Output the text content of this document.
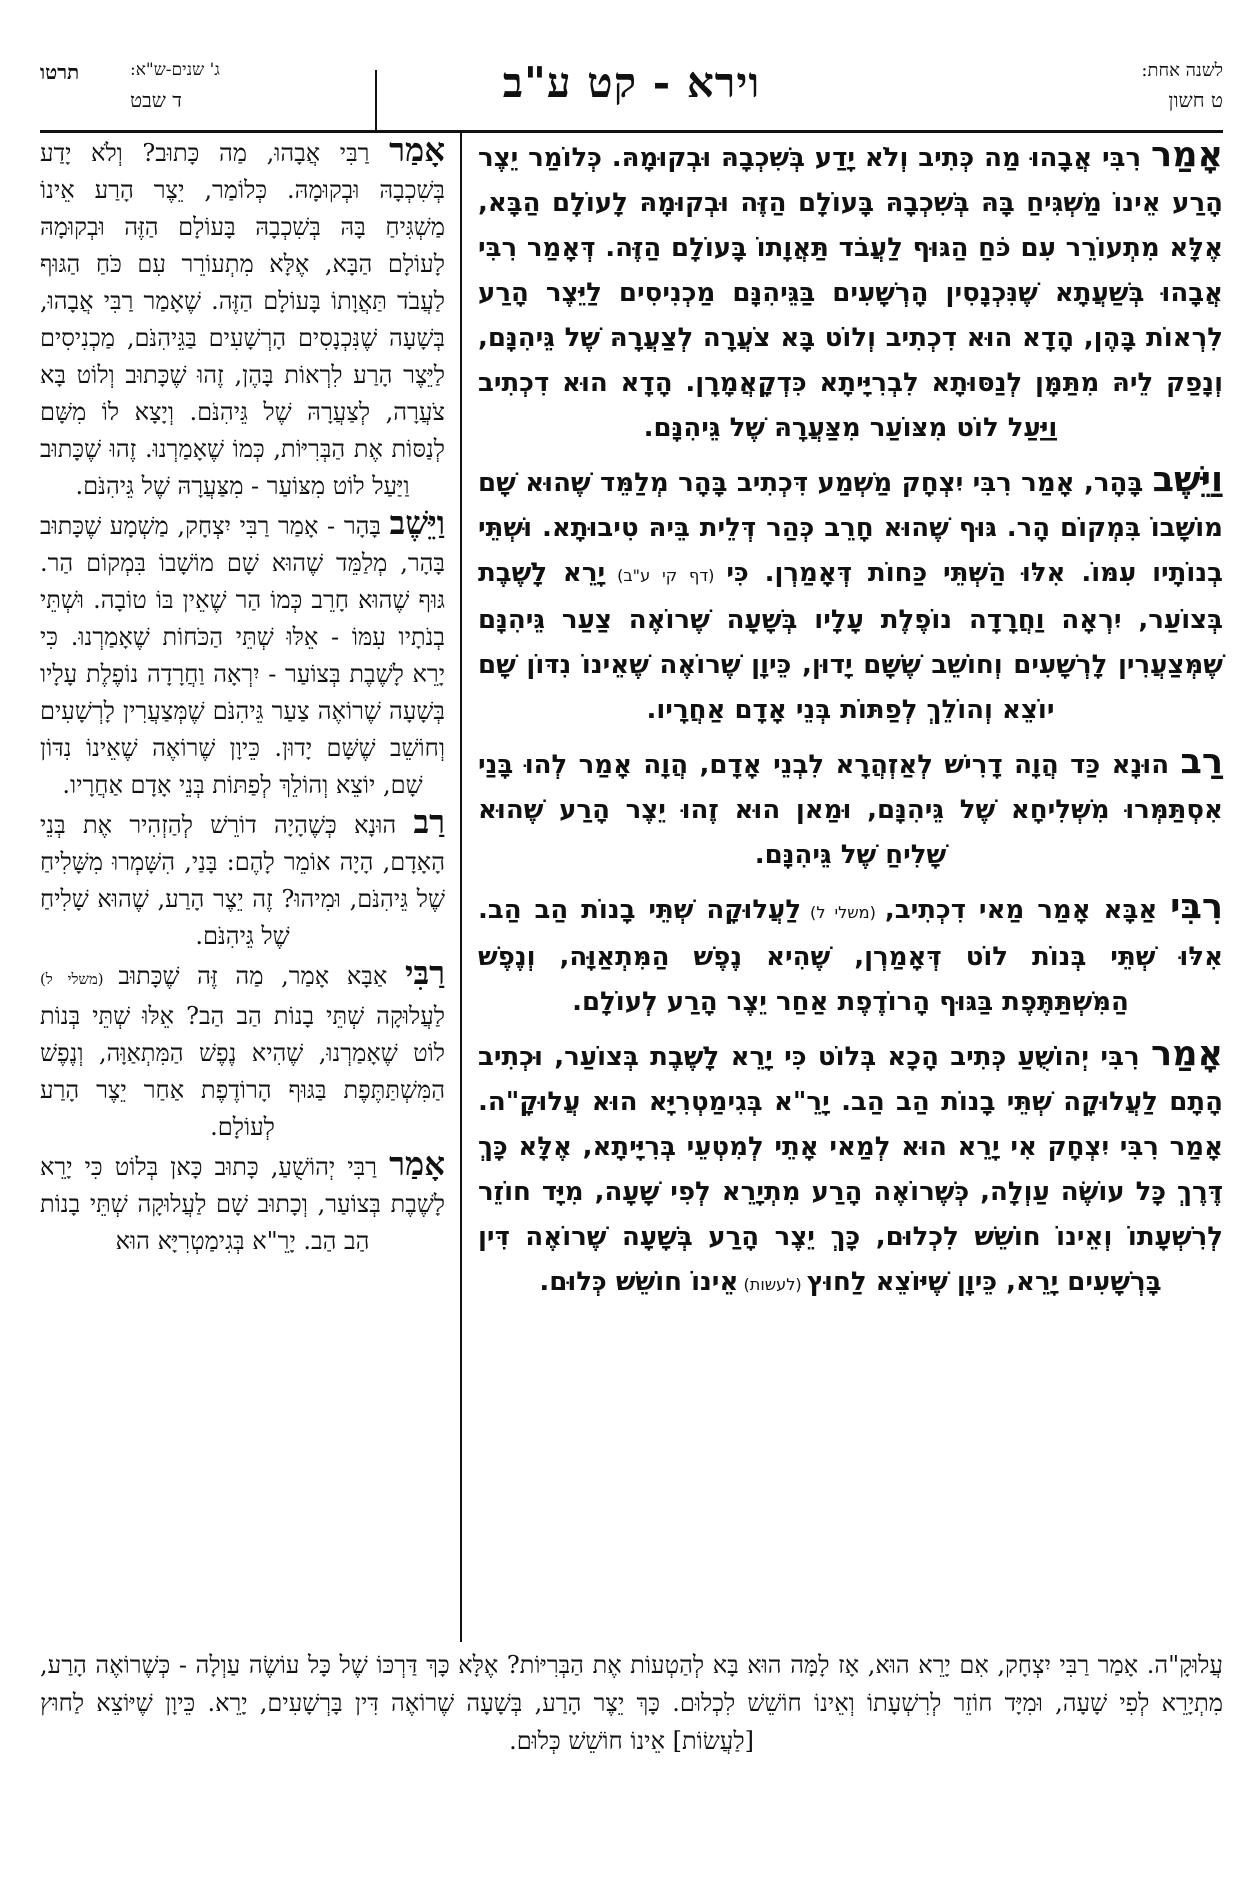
לשנה אחת:
ט חשון
וירא - קט ע"ב
ג' שנים-ש"א:
ד שבט
תרטו

אָמַר רִבִּי אֲבָהוּ מַה כְּתִיב וְלֹא יָדַע בְּשִׁכְבָהּ וּבְקוּמָהּ. כְּלוֹמַר יֵצֶר הָרַע אֵינוֹ מַשְׁגִּיחַ בָּהּ בְּשִׁכְבָהּ בָּעוֹלָם הַזֶּה וּבְקוּמָהּ לָעוֹלָם הַבָּא, אֶלָּא מִתְעוֹרֵר עִם כֹּחַ הַגּוּף לַעֲבֹד תַּאֲוָתוֹ בָּעוֹלָם הַזֶּה. דְּאָמַר רִבִּי אֲבָהוּ בְּשַׁעֲתָא שֶׁנִּכְנָסִין הָרְשָׁעִים בַּגֵּיהִנָּם מַכְנִיסִים לַיֵּצֶר הָרַע לִרְאוֹת בָּהֶן, הָדָא הוּא דִכְתִיב וְלוֹט בָּא צֹעֲרָה לְצַעֲרָהּ שֶׁל גֵּיהִנָּם, וְנָפַק לֵיהּ מִתַּמָּן לְנַסּוּתָא לִבְרִיָּיתָא כִּדְקָאֲמָרָן. הָדָא הוּא דִכְתִיב וַיַּעַל לוֹט מִצּוֹעַר מִצַּעֲרָהּ שֶׁל גֵּיהִנָּם.

וַיֵּשֶׁב בָּהָר, אָמַר רִבִּי יִצְחָק מַשְׁמַע דִּכְתִיב בָּהָר מְלַמֵּד שֶׁהוּא שָׁם מוֹשָׁבוֹ בִּמְקוֹם הָר. גּוּף שֶׁהוּא חָרֵב כְּהַר דְּלֵית בֵּיהּ טִיבוּתָא. וּשְׁתֵּי בְנוֹתָיו עִמּוֹ. אִלּוּ הַשְּׁתֵּי כַּחוֹת דְּאָמַרְן. כִּי (דף קי ע"ב) יָרֵא לָשֶׁבֶת בְּצוֹעַר, יִרְאָה וַחֲרָדָה נוֹפֶלֶת עָלָיו בְּשָׁעָה שֶׁרוֹאֶה צַעַר גֵּיהִנָּם שֶׁמְּצַעֲרִין לָרְשָׁעִים וְחוֹשֵׁב שֶׁשָּׁם יָדוּן, כֵּיוָן שֶׁרוֹאֶה שֶׁאֵינוֹ נִדּוֹן שָׁם יוֹצֵא וְהוֹלֵךְ לְפַתּוֹת בְּנֵי אָדָם אַחֲרָיו.

רַב הוּנָא כַּד הֲוָה דָרִישׁ לְאַזְהֲרָא לִבְנֵי אָדָם, הֲוָה אָמַר לְהוּ בָּנַי אִסְתַּמְּרוּ מִשְּׁלִיחָא שֶׁל גֵּיהִנָּם, וּמַאן הוּא זֶהוּ יֵצֶר הָרַע שֶׁהוּא שָׁלִיחַ שֶׁל גֵּיהִנָּם.

רִבִּי אַבָּא אָמַר מַאי דִכְתִיב, (משלי ל) לַעֲלוּקָה שְׁתֵּי בָנוֹת הַב הַב. אִלּוּ שְׁתֵּי בְּנוֹת לוֹט דְּאָמַרְן, שֶׁהִיא נֶפֶשׁ הַמִּתְאַוָּה, וְנֶפֶשׁ הַמִּשְׁתַּתֶּפֶת בַּגּוּף הָרוֹדֶפֶת אַחַר יֵצֶר הָרַע לְעוֹלָם.

אָמַר רִבִּי יְהוֹשֻׁעַ כְּתִיב הָכָא בְּלוֹט כִּי יָרֵא לָשֶׁבֶת בְּצוֹעַר, וּכְתִיב הָתָם לַעֲלוּקָה שְׁתֵּי בָנוֹת הַב הַב. יָרֵ"א בְּגִימַטְרִיָּא הוּא עֲלוּקָ"ה. אָמַר רִבִּי יִצְחָק אִי יָרֵא הוּא לְמַאי אָתֵי לְמִטְעֵי בְּרִיָּיתָא, אֶלָּא כָּךְ דֶּרֶךְ כָּל עוֹשֶׂה עַוְלָה, כְּשֶׁרוֹאֶה הָרַע מִתְיָרֵא לְפִי שָׁעָה, מִיָּד חוֹזֵר לְרִשְׁעָתוֹ וְאֵינוֹ חוֹשֵׁשׁ לִכְלוּם, כָּךְ יֵצֶר הָרַע בְּשָׁעָה שֶׁרוֹאֶה דִּין בָּרְשָׁעִים יָרֵא, כֵּיוָן שֶׁיּוֹצֵא לַחוּץ (לעשות) אֵינוֹ חוֹשֵׁשׁ כְּלוּם.

אָמַר רַבִּי אֲבָהוּ, מַה כָּתוּב? וְלֹא יָדַע בְּשִׁכְבָהּ וּבְקוּמָהּ. כְּלוֹמַר, יֵצֶר הָרַע אֵינוֹ מַשְׁגִּיחַ בָּהּ בְּשִׁכְבָהּ בָּעוֹלָם הַזֶּה וּבְקוּמָהּ לָעוֹלָם הַבָּא, אֶלָּא מִתְעוֹרֵר עִם כֹּחַ הַגּוּף לַעֲבֹד תַּאֲוָתוֹ בָּעוֹלָם הַזֶּה. שֶׁאָמַר רַבִּי אֲבָהוּ, בְּשָׁעָה שֶׁנִּכְנָסִים הָרְשָׁעִים בַּגֵּיהִנֹּם, מַכְנִיסִים לַיֵּצֶר הָרַע לִרְאוֹת בָּהֶן, זֶהוּ שֶׁכָּתוּב וְלוֹט בָּא צֹעֲרָה, לְצַעֲרָהּ שֶׁל גֵּיהִנֹּם. וְיָצָא לוֹ מִשָּׁם לְנַסּוֹת אֶת הַבְּרִיּוֹת, כְּמוֹ שֶׁאָמַרְנוּ. זֶהוּ שֶׁכָּתוּב וַיַּעַל לוֹט מִצּוֹעַר - מִצַּעֲרָהּ שֶׁל גֵּיהִנֹּם.

וַיֵּשֶׁב בָּהָר - אָמַר רַבִּי יִצְחָק, מַשְׁמָע שֶׁכָּתוּב בָּהָר, מְלַמֵּד שֶׁהוּא שָׁם מוֹשָׁבוֹ בִּמְקוֹם הַר. גּוּף שֶׁהוּא חָרֵב כְּמוֹ הַר שֶׁאֵין בּוֹ טוֹבָה. וּשְׁתֵּי בְנֹתָיו עִמּוֹ - אֵלּוּ שְׁתֵּי הַכֹּחוֹת שֶׁאָמַרְנוּ. כִּי יָרֵא לָשֶׁבֶת בְּצוֹעַר - יִרְאָה וַחֲרָדָה נוֹפֶלֶת עָלָיו בְּשָׁעָה שֶׁרוֹאֶה צַעַר גֵּיהִנֹּם שֶׁמְּצַעֲרִין לָרְשָׁעִים וְחוֹשֵׁב שֶׁשָּׁם יָדוּן. כֵּיוָן שֶׁרוֹאֶה שֶׁאֵינוֹ נִדּוֹן שָׁם, יוֹצֵא וְהוֹלֵךְ לְפַתּוֹת בְּנֵי אָדָם אַחֲרָיו.

רַב הוּנָא כְּשֶׁהָיָה דוֹרֵשׁ לְהַזְהִיר אֶת בְּנֵי הָאָדָם, הָיָה אוֹמֵר לָהֶם: בָּנַי, הִשָּׁמְרוּ מִשָּׁלִיחַ שֶׁל גֵּיהִנֹּם, וּמִיהוּ? זֶה יֵצֶר הָרַע, שֶׁהוּא שָׁלִיחַ שֶׁל גֵּיהִנֹּם.

רַבִּי אַבָּא אָמַר, מַה זֶּה שֶׁכָּתוּב (משלי ל) לַעֲלוּקָה שְׁתֵּי בָנוֹת הַב הַב? אֵלּוּ שְׁתֵּי בְּנוֹת לוֹט שֶׁאָמַרְנוּ, שֶׁהִיא נֶפֶשׁ הַמִּתְאַוָּה, וְנֶפֶשׁ הַמִּשְׁתַּתֶּפֶת בַּגּוּף הָרוֹדֶפֶת אַחַר יֵצֶר הָרַע לְעוֹלָם.

אָמַר רַבִּי יְהוֹשֻׁעַ, כָּתוּב כָּאן בְּלוֹט כִּי יָרֵא לָשֶׁבֶת בְּצוֹעַר, וְכָתוּב שָׁם לַעֲלוּקָה שְׁתֵּי בָנוֹת הַב הַב. יָרֵ"א בְּגִימַטְרִיָּא הוּא

עֲלוּקָ"ה. אָמַר רַבִּי יִצְחָק, אִם יָרֵא הוּא, אָז לָמָּה הוּא בָּא לְהַטְעוֹת אֶת הַבְּרִיּוֹת? אֶלָּא כָּךְ דַּרְכּוֹ שֶׁל כָּל עוֹשֶׂה עַוְלָה - כְּשֶׁרוֹאֶה הָרַע, מִתְיָרֵא לְפִי שָׁעָה, וּמִיָּד חוֹזֵר לְרִשְׁעָתוֹ וְאֵינוֹ חוֹשֵׁשׁ לִכְלוּם. כָּךְ יֵצֶר הָרַע, בְּשָׁעָה שֶׁרוֹאֶה דִּין בָּרְשָׁעִים, יָרֵא. כֵּיוָן שֶׁיּוֹצֵא לַחוּץ [לַעֲשׂוֹת] אֵינוֹ חוֹשֵׁשׁ כְּלוּם.
